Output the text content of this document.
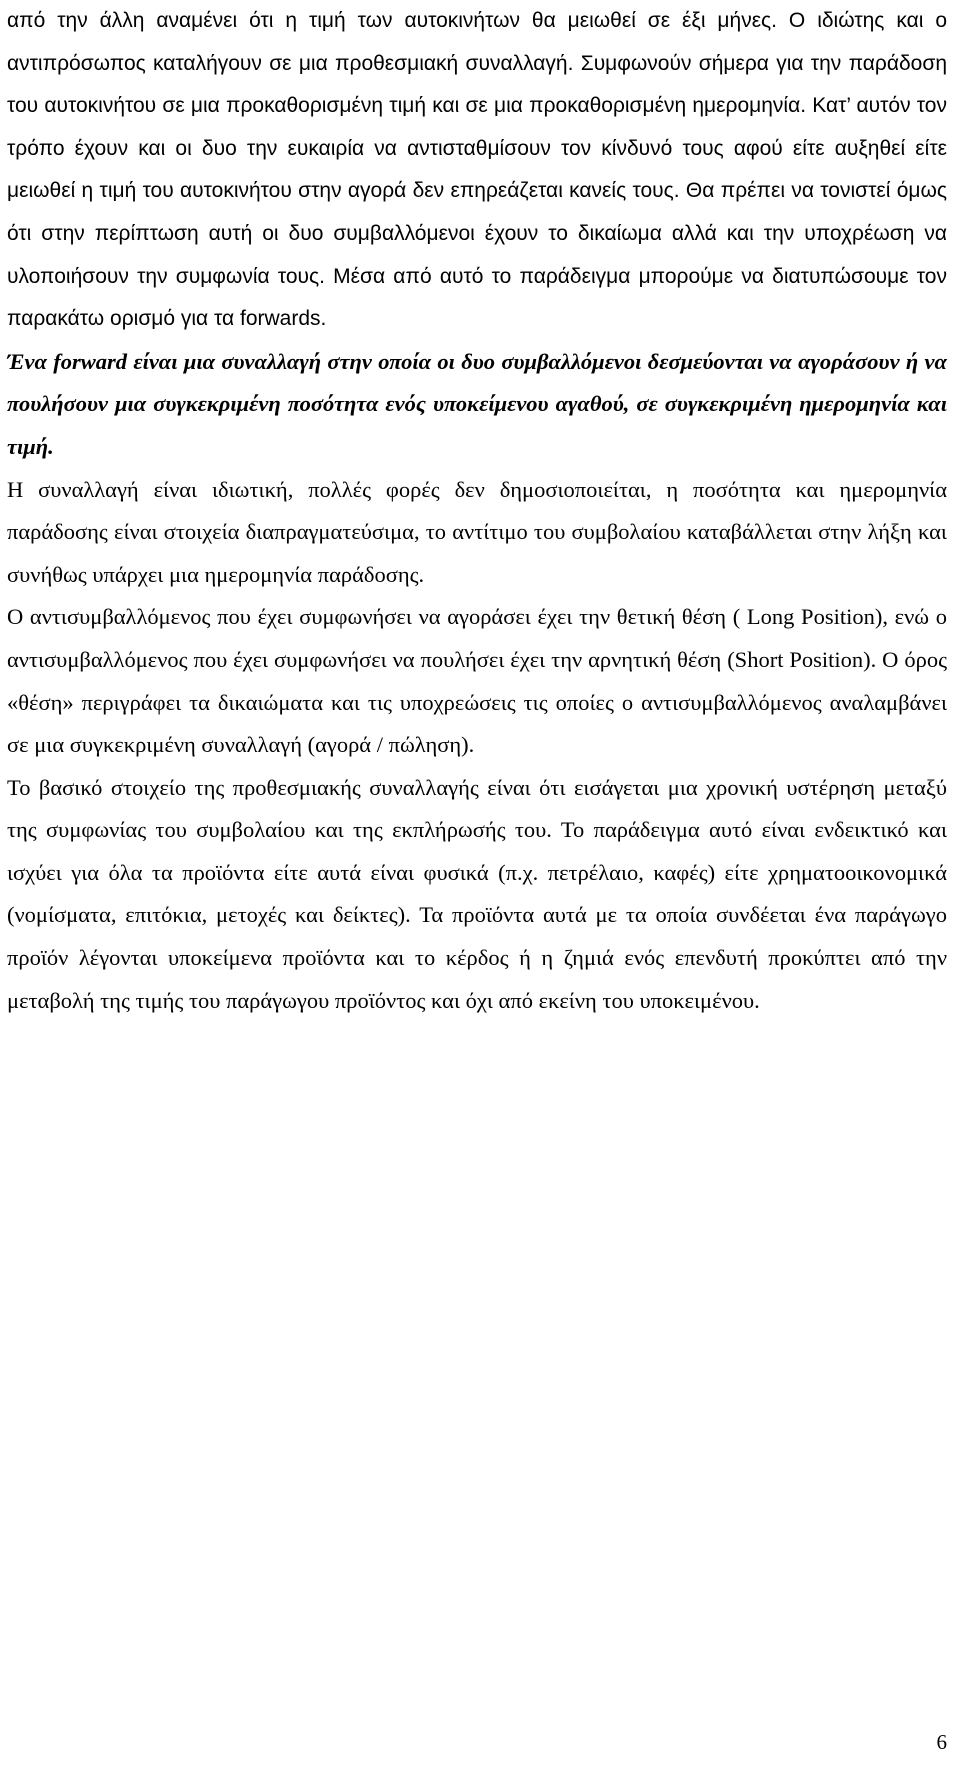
από την άλλη αναμένει ότι η τιμή των αυτοκινήτων θα μειωθεί σε έξι μήνες. Ο ιδιώτης και ο αντιπρόσωπος καταλήγουν σε μια προθεσμιακή συναλλαγή. Συμφωνούν σήμερα για την παράδοση του αυτοκινήτου σε μια προκαθορισμένη τιμή και σε μια προκαθορισμένη ημερομηνία. Κατ’ αυτόν τον τρόπο έχουν και οι δυο την ευκαιρία να αντισταθμίσουν τον κίνδυνό τους αφού είτε αυξηθεί είτε μειωθεί η τιμή του αυτοκινήτου στην αγορά δεν επηρεάζεται κανείς τους. Θα πρέπει να τονιστεί όμως ότι στην περίπτωση αυτή οι δυο συμβαλλόμενοι έχουν το δικαίωμα αλλά και την υποχρέωση να υλοποιήσουν την συμφωνία τους. Μέσα από αυτό το παράδειγμα μπορούμε να διατυπώσουμε τον παρακάτω ορισμό για τα forwards.

Ένα forward είναι μια συναλλαγή στην οποία οι δυο συμβαλλόμενοι δεσμεύονται να αγοράσουν ή να πουλήσουν μια συγκεκριμένη ποσότητα ενός υποκείμενου αγαθού, σε συγκεκριμένη ημερομηνία και τιμή.

Η συναλλαγή είναι ιδιωτική, πολλές φορές δεν δημοσιοποιείται, η ποσότητα και ημερομηνία παράδοσης είναι στοιχεία διαπραγματεύσιμα, το αντίτιμο του συμβολαίου καταβάλλεται στην λήξη και συνήθως υπάρχει μια ημερομηνία παράδοσης.

Ο αντισυμβαλλόμενος που έχει συμφωνήσει να αγοράσει έχει την θετική θέση ( Long Position), ενώ ο αντισυμβαλλόμενος που έχει συμφωνήσει να πουλήσει έχει την αρνητική θέση (Short Position). Ο όρος «θέση» περιγράφει τα δικαιώματα και τις υποχρεώσεις τις οποίες ο αντισυμβαλλόμενος αναλαμβάνει σε μια συγκεκριμένη συναλλαγή (αγορά / πώληση).

Το βασικό στοιχείο της προθεσμιακής συναλλαγής είναι ότι εισάγεται μια χρονική υστέρηση μεταξύ της συμφωνίας του συμβολαίου και της εκπλήρωσής του. Το παράδειγμα αυτό είναι ενδεικτικό και ισχύει για όλα τα προϊόντα είτε αυτά είναι φυσικά (π.χ. πετρέλαιο, καφές) είτε χρηματοοικονομικά (νομίσματα, επιτόκια, μετοχές και δείκτες). Τα προϊόντα αυτά με τα οποία συνδέεται ένα παράγωγο προϊόν λέγονται υποκείμενα προϊόντα και το κέρδος ή η ζημιά ενός επενδυτή προκύπτει από την μεταβολή της τιμής του παράγωγου προϊόντος και όχι από εκείνη του υποκειμένου.

6
